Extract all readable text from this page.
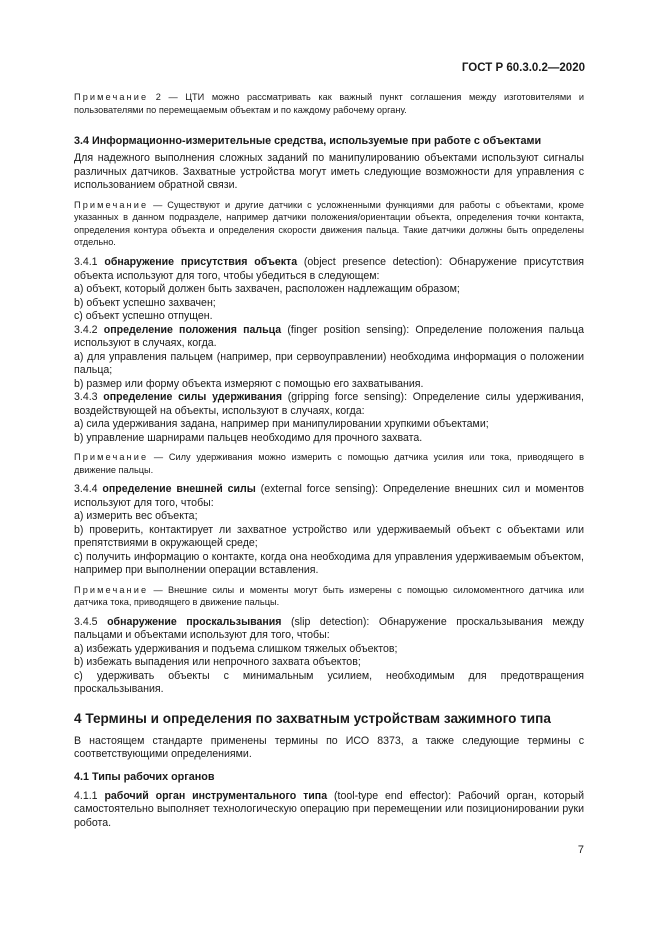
ГОСТ Р 60.3.0.2—2020

Примечание 2 — ЦТИ можно рассматривать как важный пункт соглашения между изготовителями и пользователями по перемещаемым объектам и по каждому рабочему органу.

3.4 Информационно-измерительные средства, используемые при работе с объектами

Для надежного выполнения сложных заданий по манипулированию объектами используют сигналы различных датчиков. Захватные устройства могут иметь следующие возможности для управления с использованием обратной связи.

Примечание — Существуют и другие датчики с усложненными функциями для работы с объектами, кроме указанных в данном подразделе, например датчики положения/ориентации объекта, определения точки контакта, определения контура объекта и определения скорости движения пальца. Такие датчики должны быть определены отдельно.

3.4.1 обнаружение присутствия объекта (object presence detection): Обнаружение присутствия объекта используют для того, чтобы убедиться в следующем:

a) объект, который должен быть захвачен, расположен надлежащим образом;

b) объект успешно захвачен;

c) объект успешно отпущен.

3.4.2 определение положения пальца (finger position sensing): Определение положения пальца используют в случаях, когда.

a) для управления пальцем (например, при сервоуправлении) необходима информация о положении пальца;

b) размер или форму объекта измеряют с помощью его захватывания.

3.4.3 определение силы удерживания (gripping force sensing): Определение силы удерживания, воздействующей на объекты, используют в случаях, когда:

a) сила удерживания задана, например при манипулировании хрупкими объектами;

b) управление шарнирами пальцев необходимо для прочного захвата.

Примечание — Силу удерживания можно измерить с помощью датчика усилия или тока, приводящего в движение пальцы.

3.4.4 определение внешней силы (external force sensing): Определение внешних сил и моментов используют для того, чтобы:

a) измерить вес объекта;

b) проверить, контактирует ли захватное устройство или удерживаемый объект с объектами или препятствиями в окружающей среде;

c) получить информацию о контакте, когда она необходима для управления удерживаемым объектом, например при выполнении операции вставления.

Примечание — Внешние силы и моменты могут быть измерены с помощью силомоментного датчика или датчика тока, приводящего в движение пальцы.

3.4.5 обнаружение проскальзывания (slip detection): Обнаружение проскальзывания между пальцами и объектами используют для того, чтобы:

a) избежать удерживания и подъема слишком тяжелых объектов;

b) избежать выпадения или непрочного захвата объектов;

c) удерживать объекты с минимальным усилием, необходимым для предотвращения проскальзывания.

4 Термины и определения по захватным устройствам зажимного типа

В настоящем стандарте применены термины по ИСО 8373, а также следующие термины с соответствующими определениями.

4.1 Типы рабочих органов

4.1.1 рабочий орган инструментального типа (tool-type end effector): Рабочий орган, который самостоятельно выполняет технологическую операцию при перемещении или позиционировании руки робота.

7
